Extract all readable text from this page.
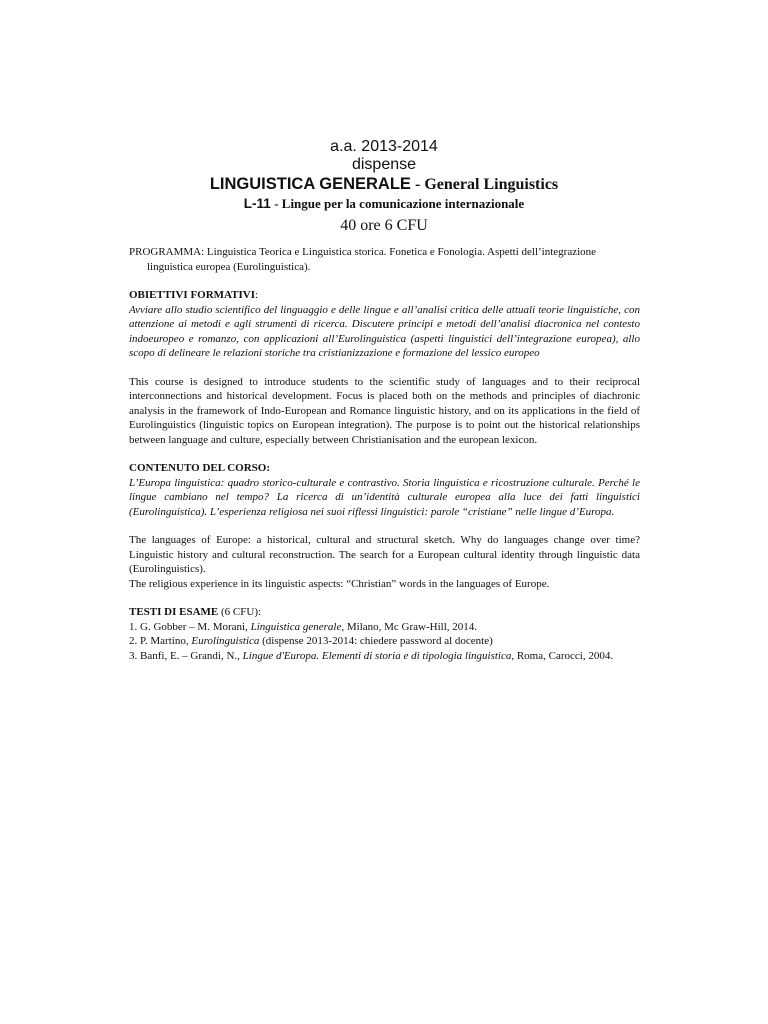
a.a. 2013-2014
dispense
LINGUISTICA GENERALE - General Linguistics
L-11 - Lingue per la comunicazione internazionale
40 ore 6 CFU

PROGRAMMA: Linguistica Teorica e Linguistica storica. Fonetica e Fonologia. Aspetti dell’integrazione linguistica europea (Eurolinguistica).

OBIETTIVI FORMATIVI:

Avviare allo studio scientifico del linguaggio e delle lingue e all’analisi critica delle attuali teorie linguistiche, con attenzione ai metodi e agli strumenti di ricerca. Discutere principi e metodi dell’analisi diacronica nel contesto indoeuropeo e romanzo, con applicazioni all’Eurolinguistica (aspetti linguistici dell’integrazione europea), allo scopo di delineare le relazioni storiche tra cristianizzazione e formazione del lessico europeo

This course is designed to introduce students to the scientific study of languages and to their reciprocal interconnections and historical development. Focus is placed both on the methods and principles of diachronic analysis in the framework of Indo-European and Romance linguistic history, and on its applications in the field of Eurolinguistics (linguistic topics on European integration). The purpose is to point out the historical relationships between language and culture, especially between Christianisation and the european lexicon.

CONTENUTO DEL CORSO:

L’Europa linguistica: quadro storico-culturale e contrastivo. Storia linguistica e ricostruzione culturale. Perché le lingue cambiano nel tempo? La ricerca di un’identità culturale europea alla luce dei fatti linguistici (Eurolinguistica). L’esperienza religiosa nei suoi riflessi linguistici: parole “cristiane” nelle lingue d’Europa.

The languages of Europe: a historical, cultural and structural sketch. Why do languages change over time? Linguistic history and cultural reconstruction. The search for a European cultural identity through linguistic data (Eurolinguistics).

The religious experience in its linguistic aspects: “Christian” words in the languages of Europe.

TESTI DI ESAME (6 CFU):

1. G. Gobber – M. Morani, Linguistica generale, Milano, Mc Graw-Hill, 2014.

2. P. Martino, Eurolinguistica (dispense 2013-2014: chiedere password al docente)

3. Banfi, E. – Grandi, N., Lingue d'Europa. Elementi di storia e di tipologia linguistica, Roma, Carocci, 2004.
